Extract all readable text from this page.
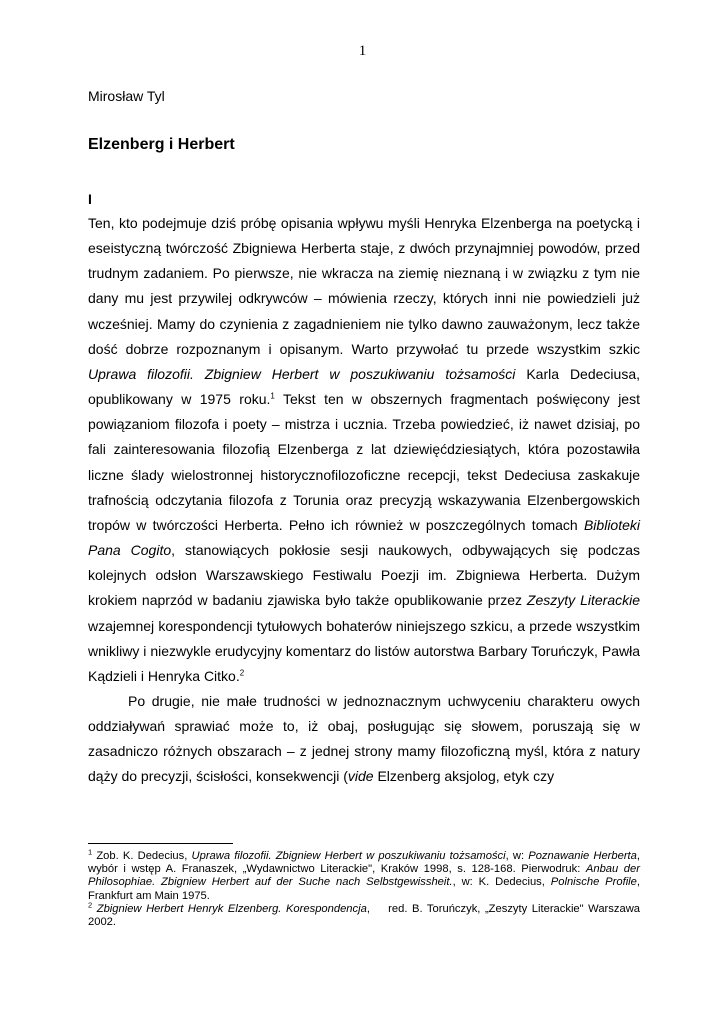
1
Mirosław Tyl
Elzenberg i Herbert
I

Ten, kto podejmuje dziś próbę opisania wpływu myśli Henryka Elzenberga na poetycką i eseistyczną twórczość Zbigniewa Herberta staje, z dwóch przynajmniej powodów, przed trudnym zadaniem. Po pierwsze, nie wkracza na ziemię nieznaną i w związku z tym nie dany mu jest przywilej odkrywców – mówienia rzeczy, których inni nie powiedzieli już wcześniej. Mamy do czynienia z zagadnieniem nie tylko dawno zauważonym, lecz także dość dobrze rozpoznanym i opisanym. Warto przywołać tu przede wszystkim szkic Uprawa filozofii. Zbigniew Herbert w poszukiwaniu tożsamości Karla Dedeciusa, opublikowany w 1975 roku.$^1$ Tekst ten w obszernych fragmentach poświęcony jest powiązaniom filozofa i poety – mistrza i ucznia. Trzeba powiedzieć, iż nawet dzisiaj, po fali zainteresowania filozofią Elzenberga z lat dziewięćdziesiątych, która pozostawiła liczne ślady wielostronnej historycznofilozoficzne recepcji, tekst Dedeciusa zaskakuje trafnością odczytania filozofa z Torunia oraz precyzją wskazywania Elzenbergowskich tropów w twórczości Herberta. Pełno ich również w poszczególnych tomach Biblioteki Pana Cogito, stanowiących pokłosie sesji naukowych, odbywających się podczas kolejnych odsłon Warszawskiego Festiwalu Poezji im. Zbigniewa Herberta. Dużym krokiem naprzód w badaniu zjawiska było także opublikowanie przez Zeszyty Literackie wzajemnej korespondencji tytułowych bohaterów niniejszego szkicu, a przede wszystkim wnikliwy i niezwykle erudycyjny komentarz do listów autorstwa Barbary Toruńczyk, Pawła Kądzieli i Henryka Citko.$^2$

Po drugie, nie małe trudności w jednoznacznym uchwyceniu charakteru owych oddziaływań sprawiać może to, iż obaj, posługując się słowem, poruszają się w zasadniczo różnych obszarach – z jednej strony mamy filozoficzną myśl, która z natury dąży do precyzji, ścisłości, konsekwencji (vide Elzenberg aksjolog, etyk czy

$^1$ Zob. K. Dedecius, Uprawa filozofii. Zbigniew Herbert w poszukiwaniu tożsamości, w: Poznawanie Herberta, wybór i wstęp A. Franaszek, „Wydawnictwo Literackie", Kraków 1998, s. 128-168. Pierwodruk: Anbau der Philosophiae. Zbigniew Herbert auf der Suche nach Selbstgewissheit., w: K. Dedecius, Polnische Profile, Frankfurt am Main 1975.

$^2$ Zbigniew Herbert Henryk Elzenberg. Korespondencja,    red. B. Toruńczyk, „Zeszyty Literackie" Warszawa 2002.
